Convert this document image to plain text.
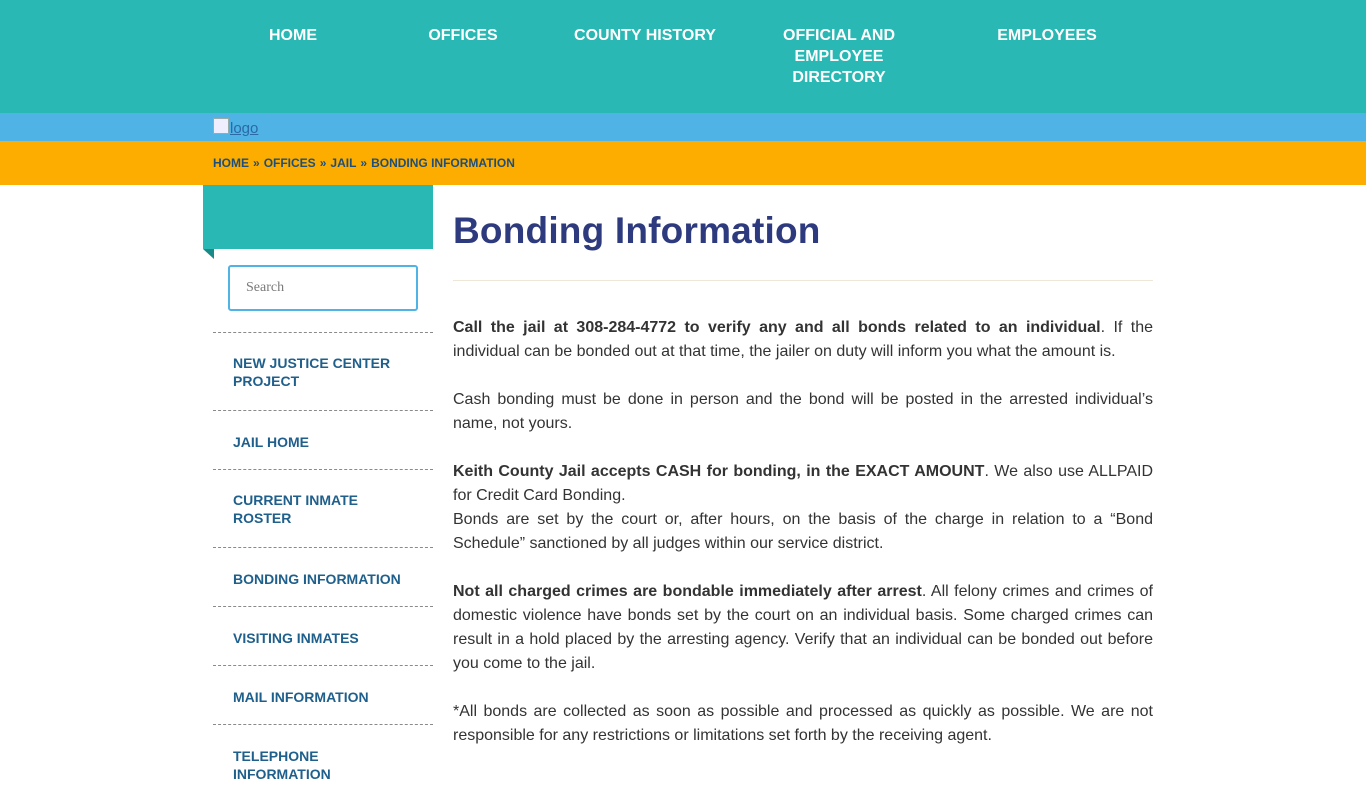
HOME	OFFICES	COUNTY HISTORY	OFFICIAL AND
EMPLOYEE
DIRECTORY
EMPLOYEES
logo
HOME » OFFICES » JAIL » BONDING INFORMATION
Search
NEW JUSTICE CENTER PROJECT
JAIL HOME
CURRENT INMATE ROSTER
BONDING INFORMATION
VISITING INMATES
MAIL INFORMATION
TELEPHONE INFORMATION
Bonding Information

Call the jail at 308-284-4772 to verify any and all bonds related to an individual. If the individual can be bonded out at that time, the jailer on duty will inform you what the amount is.

Cash bonding must be done in person and the bond will be posted in the arrested individual’s name, not yours.

Keith County Jail accepts CASH for bonding, in the EXACT AMOUNT. We also use ALLPAID for Credit Card Bonding.

Bonds are set by the court or, after hours, on the basis of the charge in relation to a “Bond Schedule” sanctioned by all judges within our service district.

Not all charged crimes are bondable immediately after arrest. All felony crimes and crimes of domestic violence have bonds set by the court on an individual basis. Some charged crimes can result in a hold placed by the arresting agency. Verify that an individual can be bonded out before you come to the jail.

*All bonds are collected as soon as possible and processed as quickly as possible. We are not responsible for any restrictions or limitations set forth by the receiving agent.
